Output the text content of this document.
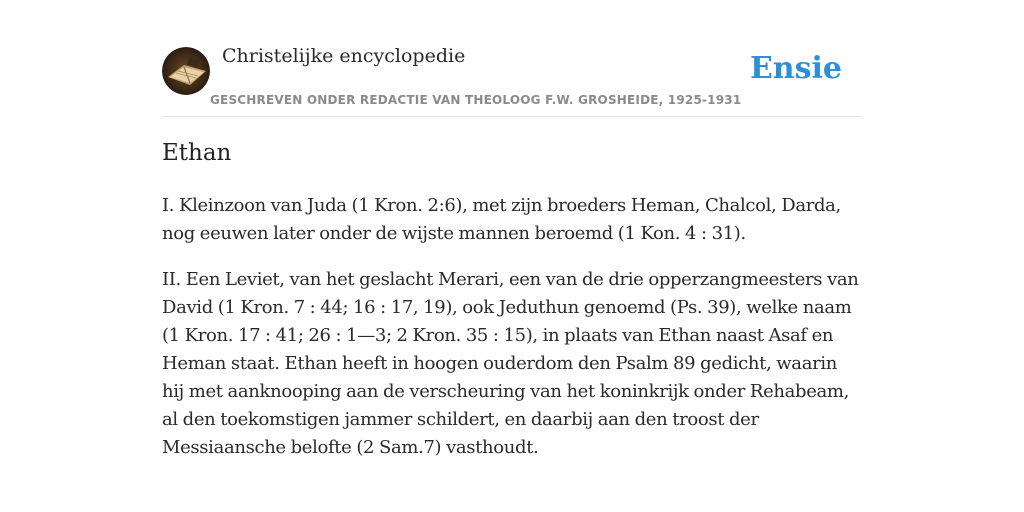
Christelijke encyclopedie
GESCHREVEN ONDER REDACTIE VAN THEOLOOG F.W. GROSHEIDE, 1925-1931
Ensie
Ethan

I. Kleinzoon van Juda (1 Kron. 2:6), met zijn broeders Heman, Chalcol, Darda, nog eeuwen later onder de wijste mannen beroemd (1 Kon. 4 : 31).

II. Een Leviet, van het geslacht Merari, een van de drie opperzangmeesters van David (1 Kron. 7 : 44; 16 : 17, 19), ook Jeduthun genoemd (Ps. 39), welke naam (1 Kron. 17 : 41; 26 : 1—3; 2 Kron. 35 : 15), in plaats van Ethan naast Asaf en Heman staat. Ethan heeft in hoogen ouderdom den Psalm 89 gedicht, waarin hij met aanknooping aan de verscheuring van het koninkrijk onder Rehabeam, al den toekomstigen jammer schildert, en daarbij aan den troost der Messiaansche belofte (2 Sam.7) vasthoudt.
